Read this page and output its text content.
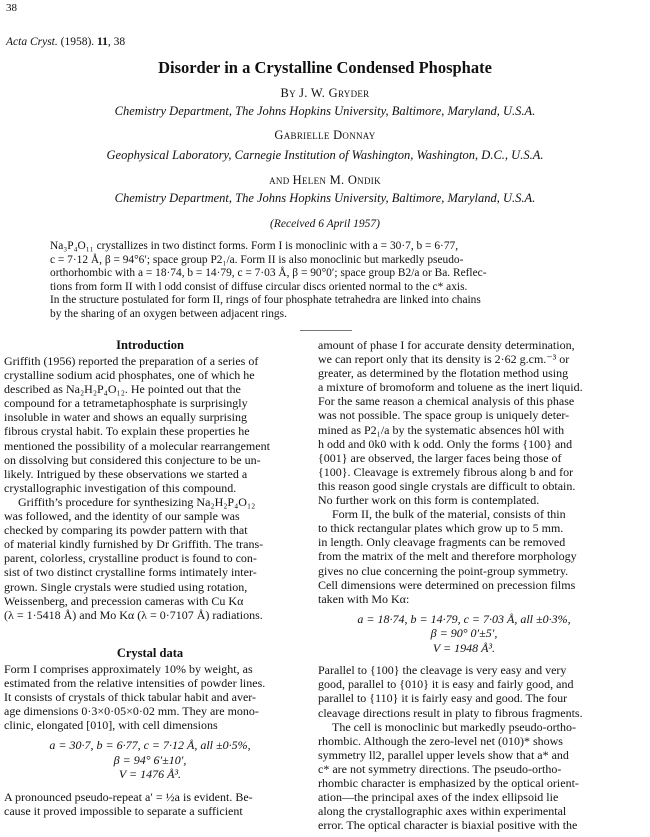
38
Acta Cryst. (1958). 11, 38
Disorder in a Crystalline Condensed Phosphate
By J. W. Gryder
Chemistry Department, The Johns Hopkins University, Baltimore, Maryland, U.S.A.
Gabrielle Donnay
Geophysical Laboratory, Carnegie Institution of Washington, Washington, D.C., U.S.A.
and Helen M. Ondik
Chemistry Department, The Johns Hopkins University, Baltimore, Maryland, U.S.A.
(Received 6 April 1957)
Na₃P₄O₁₁ crystallizes in two distinct forms. Form I is monoclinic with a = 30·7, b = 6·77,
c = 7·12 Å, β = 94°6′; space group P2₁/a. Form II is also monoclinic but markedly pseudo-
orthorhombic with a = 18·74, b = 14·79, c = 7·03 Å, β = 90°0′; space group B2/a or Ba. Reflec-
tions from form II with l odd consist of diffuse circular discs oriented normal to the c* axis.
In the structure postulated for form II, rings of four phosphate tetrahedra are linked into chains
by the sharing of an oxygen between adjacent rings.
Introduction

Griffith (1956) reported the preparation of a series of
crystalline sodium acid phosphates, one of which he
described as Na₂H₂P₄O₁₂. He pointed out that the
compound for a tetrametaphosphate is surprisingly
insoluble in water and shows an equally surprising
fibrous crystal habit. To explain these properties he
mentioned the possibility of a molecular rearrangement
on dissolving but considered this conjecture to be un-
likely. Intrigued by these observations we started a
crystallographic investigation of this compound.

Griffith’s procedure for synthesizing Na₂H₂P₄O₁₂
was followed, and the identity of our sample was
checked by comparing its powder pattern with that
of material kindly furnished by Dr Griffith. The trans-
parent, colorless, crystalline product is found to con-
sist of two distinct crystalline forms intimately inter-
grown. Single crystals were studied using rotation,
Weissenberg, and precession cameras with Cu Kα
(λ = 1·5418 Å) and Mo Kα (λ = 0·7107 Å) radiations.

Crystal data

Form I comprises approximately 10% by weight, as
estimated from the relative intensities of powder lines.
It consists of crystals of thick tabular habit and aver-
age dimensions 0·3×0·05×0·02 mm. They are mono-
clinic, elongated [010], with cell dimensions

a = 30·7, b = 6·77, c = 7·12 Å, all ±0·5%,
β = 94° 6′±10′,
V = 1476 Å³.

A pronounced pseudo-repeat a′ = ½a is evident. Be-
cause it proved impossible to separate a sufficient

amount of phase I for accurate density determination,
we can report only that its density is 2·62 g.cm.⁻³ or
greater, as determined by the flotation method using
a mixture of bromoform and toluene as the inert liquid.
For the same reason a chemical analysis of this phase
was not possible. The space group is uniquely deter-
mined as P2₁/a by the systematic absences h0l with
h odd and 0k0 with k odd. Only the forms {100} and
{001} are observed, the larger faces being those of
{100}. Cleavage is extremely fibrous along b and for
this reason good single crystals are difficult to obtain.
No further work on this form is contemplated.

Form II, the bulk of the material, consists of thin
to thick rectangular plates which grow up to 5 mm.
in length. Only cleavage fragments can be removed
from the matrix of the melt and therefore morphology
gives no clue concerning the point-group symmetry.
Cell dimensions were determined on precession films
taken with Mo Kα:

a = 18·74, b = 14·79, c = 7·03 Å, all ±0·3%,
β = 90° 0′±5′,
V = 1948 Å³.

Parallel to {100} the cleavage is very easy and very
good, parallel to {010} it is easy and fairly good, and
parallel to {110} it is fairly easy and good. The four
cleavage directions result in platy to fibrous fragments.

The cell is monoclinic but markedly pseudo-ortho-
rhombic. Although the zero-level net (010)* shows
symmetry ll2, parallel upper levels show that a* and
c* are not symmetry directions. The pseudo-ortho-
rhombic character is emphasized by the optical orient-
ation—the principal axes of the index ellipsoid lie
along the crystallographic axes within experimental
error. The optical character is biaxial positive with the
